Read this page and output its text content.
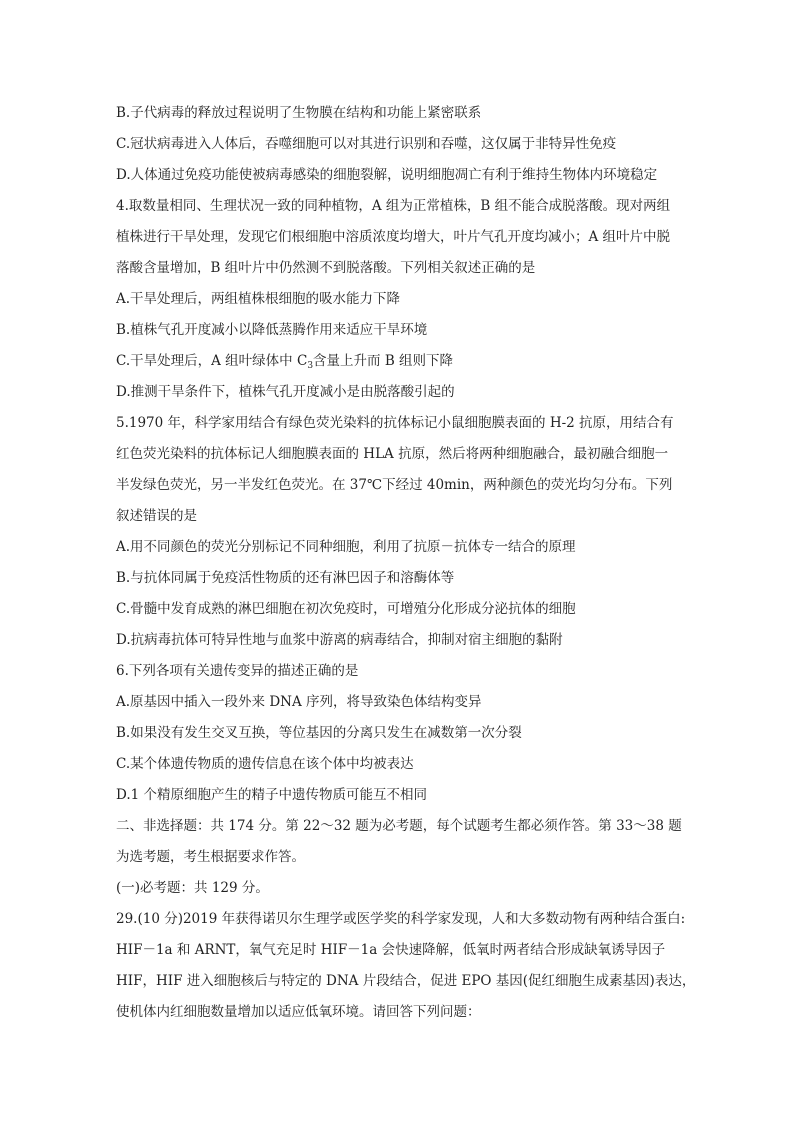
B.子代病毒的释放过程说明了生物膜在结构和功能上紧密联系
C.冠状病毒进入人体后，吞噬细胞可以对其进行识别和吞噬，这仅属于非特异性免疫
D.人体通过免疫功能使被病毒感染的细胞裂解，说明细胞凋亡有利于维持生物体内环境稳定
4.取数量相同、生理状况一致的同种植物，A 组为正常植株，B 组不能合成脱落酸。现对两组
植株进行干旱处理，发现它们根细胞中溶质浓度均增大，叶片气孔开度均减小；A 组叶片中脱
落酸含量增加，B 组叶片中仍然测不到脱落酸。下列相关叙述正确的是
A.干旱处理后，两组植株根细胞的吸水能力下降
B.植株气孔开度减小以降低蒸腾作用来适应干旱环境
C.干旱处理后，A 组叶绿体中 $C_3$含量上升而 B 组则下降
D.推测干旱条件下，植株气孔开度减小是由脱落酸引起的
5.1970 年，科学家用结合有绿色荧光染料的抗体标记小鼠细胞膜表面的 H-2 抗原，用结合有
红色荧光染料的抗体标记人细胞膜表面的 HLA 抗原，然后将两种细胞融合，最初融合细胞一
半发绿色荧光，另一半发红色荧光。在 37℃下经过 40min，两种颜色的荧光均匀分布。下列
叙述错误的是
A.用不同颜色的荧光分别标记不同种细胞，利用了抗原－抗体专一结合的原理
B.与抗体同属于免疫活性物质的还有淋巴因子和溶酶体等
C.骨髓中发育成熟的淋巴细胞在初次免疫时，可增殖分化形成分泌抗体的细胞
D.抗病毒抗体可特异性地与血浆中游离的病毒结合，抑制对宿主细胞的黏附
6.下列各项有关遗传变异的描述正确的是
A.原基因中插入一段外来 DNA 序列，将导致染色体结构变异
B.如果没有发生交叉互换，等位基因的分离只发生在减数第一次分裂
C.某个体遗传物质的遗传信息在该个体中均被表达
D.1 个精原细胞产生的精子中遗传物质可能互不相同
二、非选择题：共 174 分。第 22～32 题为必考题，每个试题考生都必须作答。第 33～38 题
为选考题，考生根据要求作答。
(一)必考题：共 129 分。
29.(10 分)2019 年获得诺贝尔生理学或医学奖的科学家发现，人和大多数动物有两种结合蛋白:
HIF－1a 和 ARNT，氧气充足时 HIF－1a 会快速降解，低氧时两者结合形成缺氧诱导因子
HIF，HIF 进入细胞核后与特定的 DNA 片段结合，促进 EPO 基因(促红细胞生成素基因)表达，
使机体内红细胞数量增加以适应低氧环境。请回答下列问题：
